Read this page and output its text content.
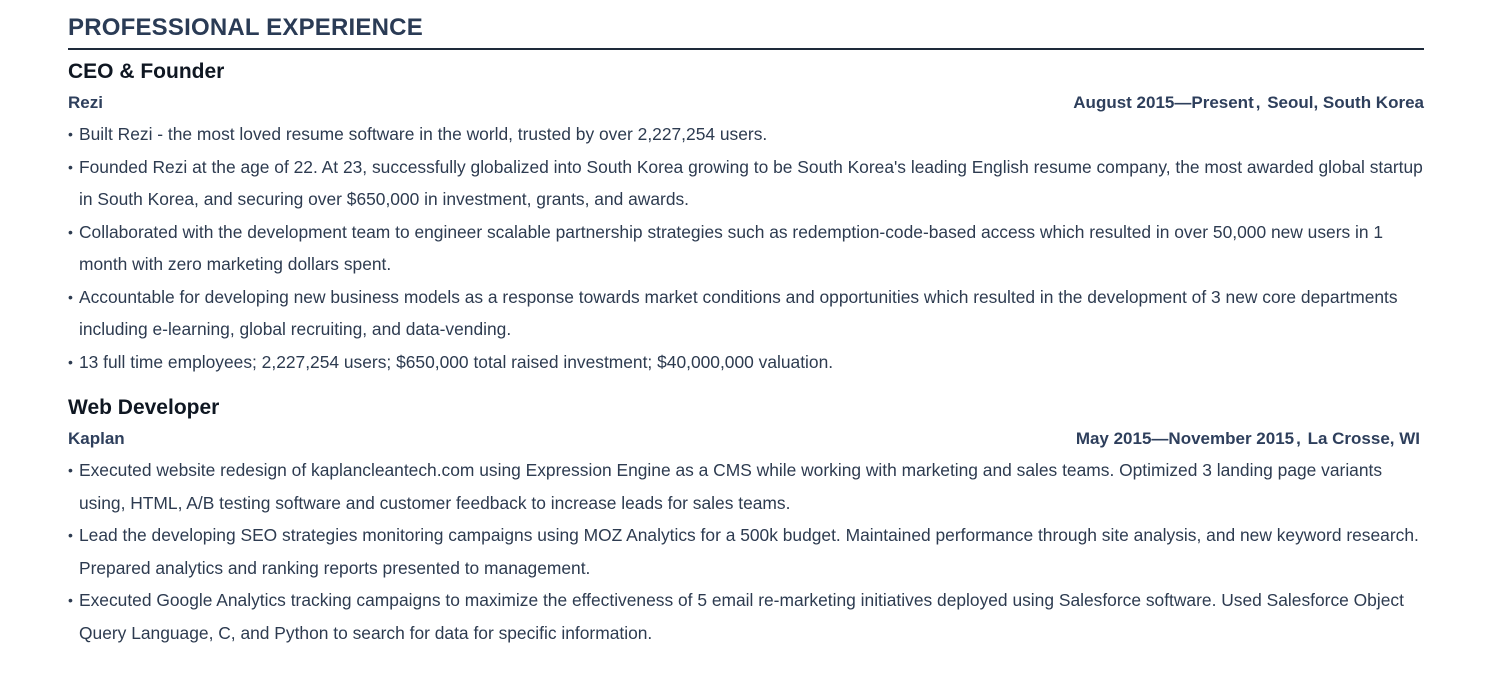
PROFESSIONAL EXPERIENCE
CEO & Founder
Rezi	August 2015—Present , Seoul, South Korea
• Built Rezi - the most loved resume software in the world, trusted by over 2,227,254 users.
• Founded Rezi at the age of 22. At 23, successfully globalized into South Korea growing to be South Korea's leading English resume company, the most awarded global startup in South Korea, and securing over $650,000 in investment, grants, and awards.
• Collaborated with the development team to engineer scalable partnership strategies such as redemption-code-based access which resulted in over 50,000 new users in 1 month with zero marketing dollars spent.
• Accountable for developing new business models as a response towards market conditions and opportunities which resulted in the development of 3 new core departments including e-learning, global recruiting, and data-vending.
• 13 full time employees; 2,227,254 users; $650,000 total raised investment; $40,000,000 valuation.
Web Developer
Kaplan	May 2015—November 2015 , La Crosse, WI
• Executed website redesign of kaplancleantech.com using Expression Engine as a CMS while working with marketing and sales teams. Optimized 3 landing page variants using, HTML, A/B testing software and customer feedback to increase leads for sales teams.
• Lead the developing SEO strategies monitoring campaigns using MOZ Analytics for a 500k budget. Maintained performance through site analysis, and new keyword research. Prepared analytics and ranking reports presented to management.
• Executed Google Analytics tracking campaigns to maximize the effectiveness of 5 email re-marketing initiatives deployed using Salesforce software. Used Salesforce Object Query Language, C, and Python to search for data for specific information.
